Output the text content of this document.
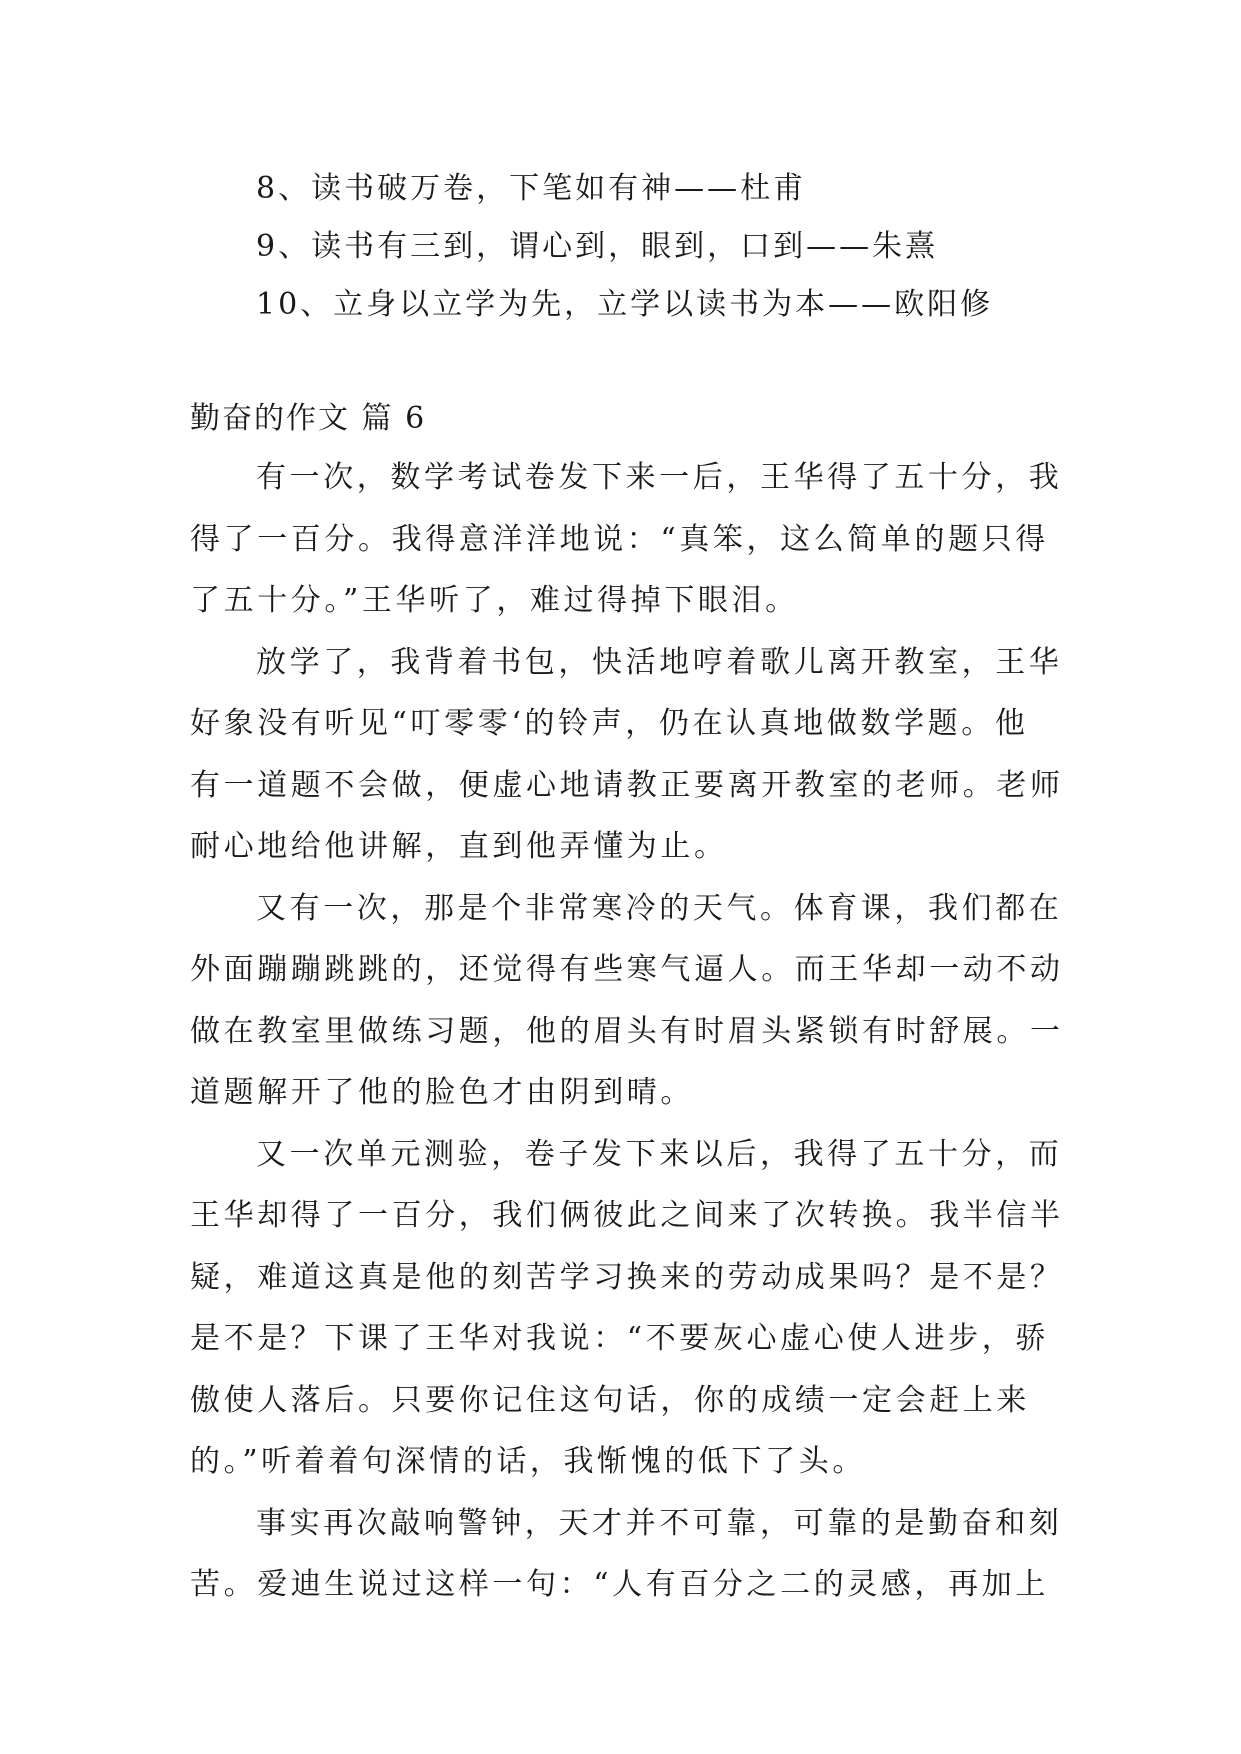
8、读书破万卷，下笔如有神——杜甫
9、读书有三到，谓心到，眼到，口到——朱熹
10、立身以立学为先，立学以读书为本——欧阳修
勤奋的作文 篇 6
有一次，数学考试卷发下来一后，王华得了五十分，我
得了一百分。我得意洋洋地说：“真笨，这么简单的题只得
了五十分。”王华听了，难过得掉下眼泪。
放学了，我背着书包，快活地哼着歌儿离开教室，王华
好象没有听见“叮零零‘的铃声，仍在认真地做数学题。他
有一道题不会做，便虚心地请教正要离开教室的老师。老师
耐心地给他讲解，直到他弄懂为止。
又有一次，那是个非常寒冷的天气。体育课，我们都在
外面蹦蹦跳跳的，还觉得有些寒气逼人。而王华却一动不动
做在教室里做练习题，他的眉头有时眉头紧锁有时舒展。一
道题解开了他的脸色才由阴到晴。
又一次单元测验，卷子发下来以后，我得了五十分，而
王华却得了一百分，我们俩彼此之间来了次转换。我半信半
疑，难道这真是他的刻苦学习换来的劳动成果吗？是不是？
是不是？下课了王华对我说：“不要灰心虚心使人进步，骄
傲使人落后。只要你记住这句话，你的成绩一定会赶上来
的。”听着着句深情的话，我惭愧的低下了头。
事实再次敲响警钟，天才并不可靠，可靠的是勤奋和刻
苦。爱迪生说过这样一句：“人有百分之二的灵感，再加上
